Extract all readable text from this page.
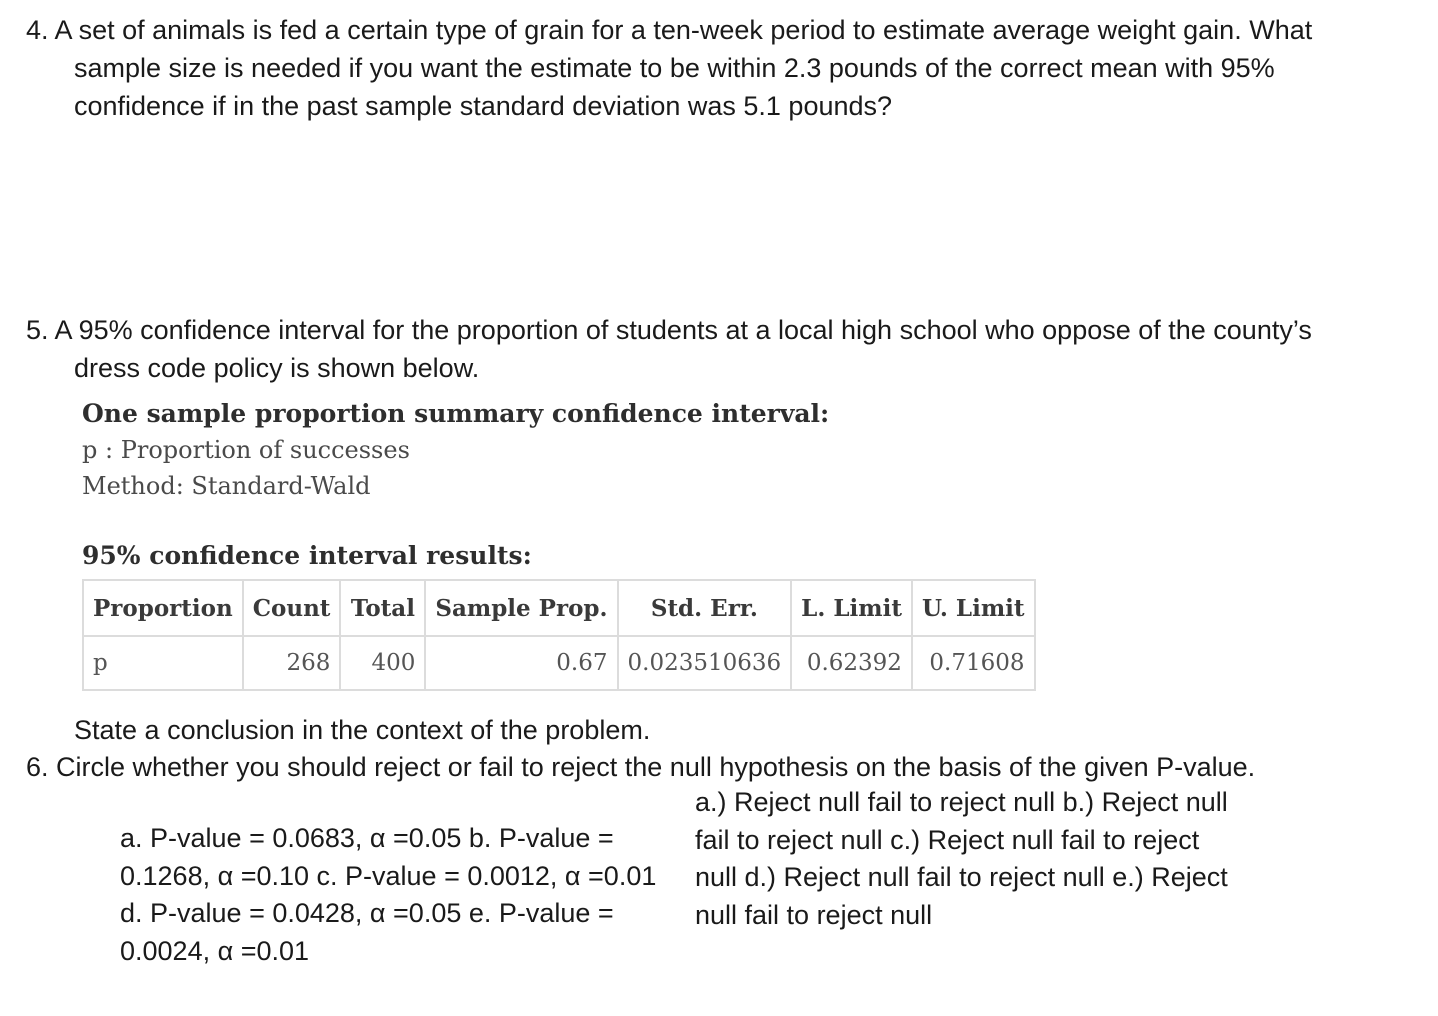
4. A set of animals is fed a certain type of grain for a ten-week period to estimate average weight gain. What
sample size is needed if you want the estimate to be within 2.3 pounds of the correct mean with 95%
confidence if in the past sample standard deviation was 5.1 pounds?
5. A 95% confidence interval for the proportion of students at a local high school who oppose of the county’s
dress code policy is shown below.
One sample proportion summary confidence interval:
p : Proportion of successes
Method: Standard-Wald
95% confidence interval results:
Proportion	Count	Total	Sample Prop.	Std. Err.	L. Limit	U. Limit
p	268	400	0.67	0.023510636	0.62392	0.71608
State a conclusion in the context of the problem.
6. Circle whether you should reject or fail to reject the null hypothesis on the basis of the given P-value.
a. P-value = 0.0683, α =0.05 b. P-value =
0.1268, α =0.10 c. P-value = 0.0012, α =0.01
d. P-value = 0.0428, α =0.05 e. P-value =
0.0024, α =0.01
a.) Reject null fail to reject null b.) Reject null
fail to reject null c.) Reject null fail to reject
null d.) Reject null fail to reject null e.) Reject
null fail to reject null
